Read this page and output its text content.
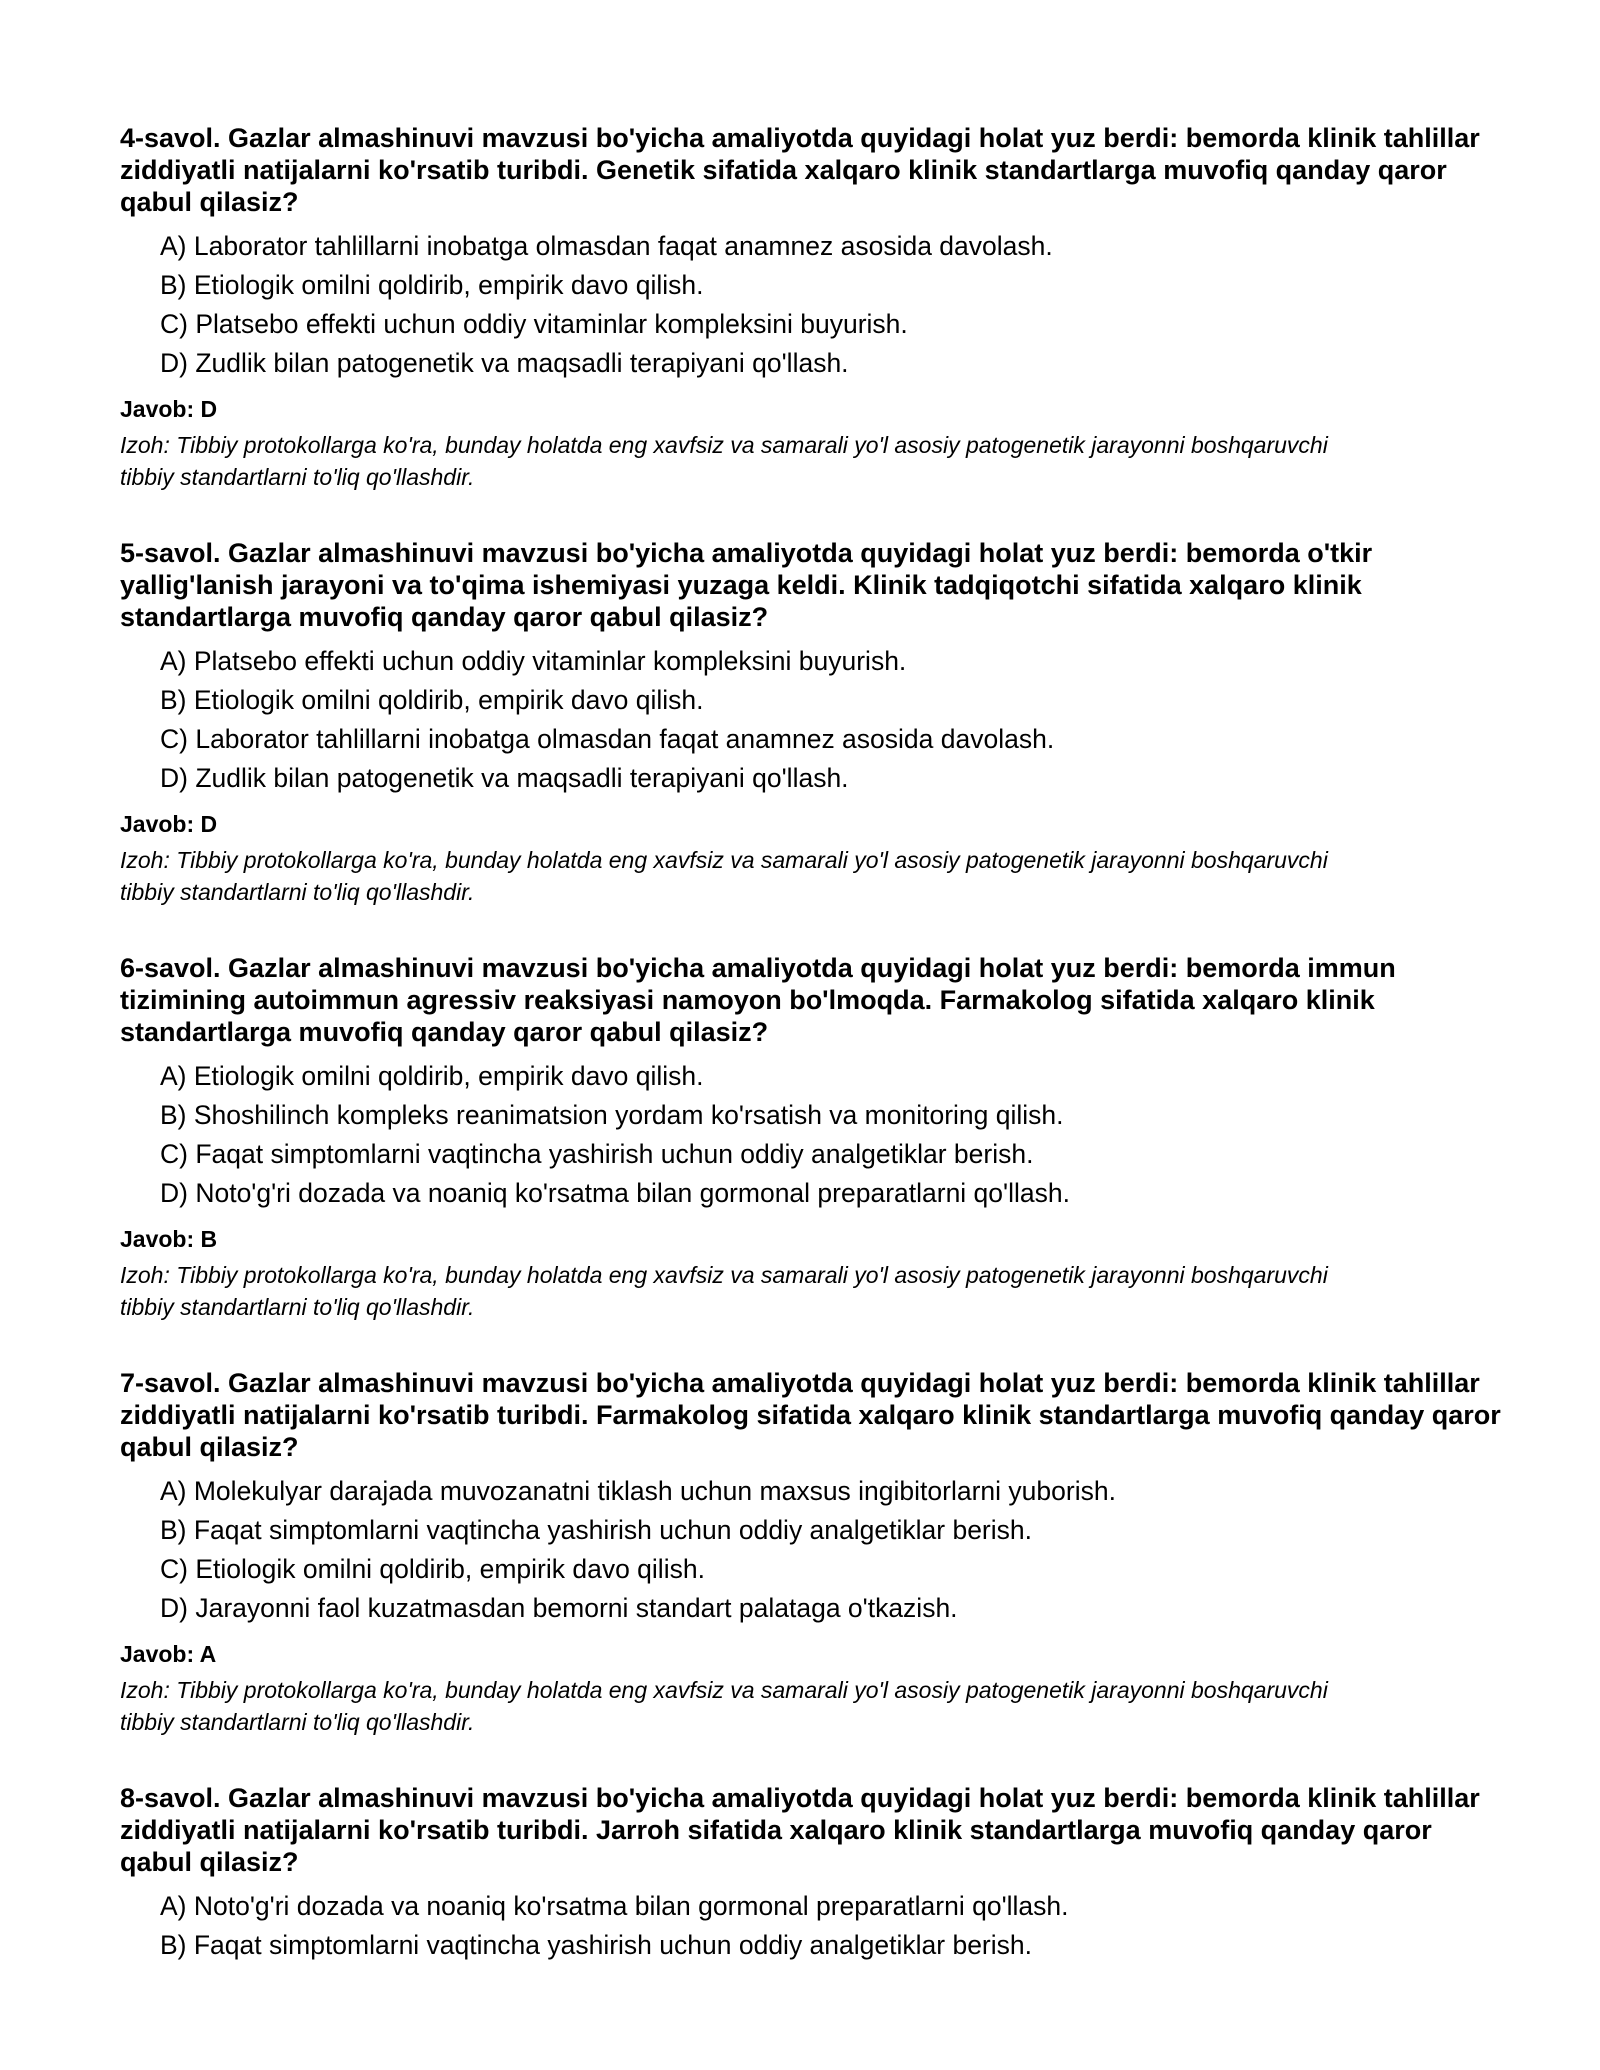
4-savol. Gazlar almashinuvi mavzusi bo'yicha amaliyotda quyidagi holat yuz berdi: bemorda klinik tahlillar ziddiyatli natijalarni ko'rsatib turibdi. Genetik sifatida xalqaro klinik standartlarga muvofiq qanday qaror qabul qilasiz?
A) Laborator tahlillarni inobatga olmasdan faqat anamnez asosida davolash.
B) Etiologik omilni qoldirib, empirik davo qilish.
C) Platsebo effekti uchun oddiy vitaminlar kompleksini buyurish.
D) Zudlik bilan patogenetik va maqsadli terapiyani qo'llash.
Javob: D
Izoh: Tibbiy protokollarga ko'ra, bunday holatda eng xavfsiz va samarali yo'l asosiy patogenetik jarayonni boshqaruvchi tibbiy standartlarni to'liq qo'llashdir.
5-savol. Gazlar almashinuvi mavzusi bo'yicha amaliyotda quyidagi holat yuz berdi: bemorda o'tkir yallig'lanish jarayoni va to'qima ishemiyasi yuzaga keldi. Klinik tadqiqotchi sifatida xalqaro klinik standartlarga muvofiq qanday qaror qabul qilasiz?
A) Platsebo effekti uchun oddiy vitaminlar kompleksini buyurish.
B) Etiologik omilni qoldirib, empirik davo qilish.
C) Laborator tahlillarni inobatga olmasdan faqat anamnez asosida davolash.
D) Zudlik bilan patogenetik va maqsadli terapiyani qo'llash.
Javob: D
Izoh: Tibbiy protokollarga ko'ra, bunday holatda eng xavfsiz va samarali yo'l asosiy patogenetik jarayonni boshqaruvchi tibbiy standartlarni to'liq qo'llashdir.
6-savol. Gazlar almashinuvi mavzusi bo'yicha amaliyotda quyidagi holat yuz berdi: bemorda immun tizimining autoimmun agressiv reaksiyasi namoyon bo'lmoqda. Farmakolog sifatida xalqaro klinik standartlarga muvofiq qanday qaror qabul qilasiz?
A) Etiologik omilni qoldirib, empirik davo qilish.
B) Shoshilinch kompleks reanimatsion yordam ko'rsatish va monitoring qilish.
C) Faqat simptomlarni vaqtincha yashirish uchun oddiy analgetiklar berish.
D) Noto'g'ri dozada va noaniq ko'rsatma bilan gormonal preparatlarni qo'llash.
Javob: B
Izoh: Tibbiy protokollarga ko'ra, bunday holatda eng xavfsiz va samarali yo'l asosiy patogenetik jarayonni boshqaruvchi tibbiy standartlarni to'liq qo'llashdir.
7-savol. Gazlar almashinuvi mavzusi bo'yicha amaliyotda quyidagi holat yuz berdi: bemorda klinik tahlillar ziddiyatli natijalarni ko'rsatib turibdi. Farmakolog sifatida xalqaro klinik standartlarga muvofiq qanday qaror qabul qilasiz?
A) Molekulyar darajada muvozanatni tiklash uchun maxsus ingibitorlarni yuborish.
B) Faqat simptomlarni vaqtincha yashirish uchun oddiy analgetiklar berish.
C) Etiologik omilni qoldirib, empirik davo qilish.
D) Jarayonni faol kuzatmasdan bemorni standart palataga o'tkazish.
Javob: A
Izoh: Tibbiy protokollarga ko'ra, bunday holatda eng xavfsiz va samarali yo'l asosiy patogenetik jarayonni boshqaruvchi tibbiy standartlarni to'liq qo'llashdir.
8-savol. Gazlar almashinuvi mavzusi bo'yicha amaliyotda quyidagi holat yuz berdi: bemorda klinik tahlillar ziddiyatli natijalarni ko'rsatib turibdi. Jarroh sifatida xalqaro klinik standartlarga muvofiq qanday qaror qabul qilasiz?
A) Noto'g'ri dozada va noaniq ko'rsatma bilan gormonal preparatlarni qo'llash.
B) Faqat simptomlarni vaqtincha yashirish uchun oddiy analgetiklar berish.
